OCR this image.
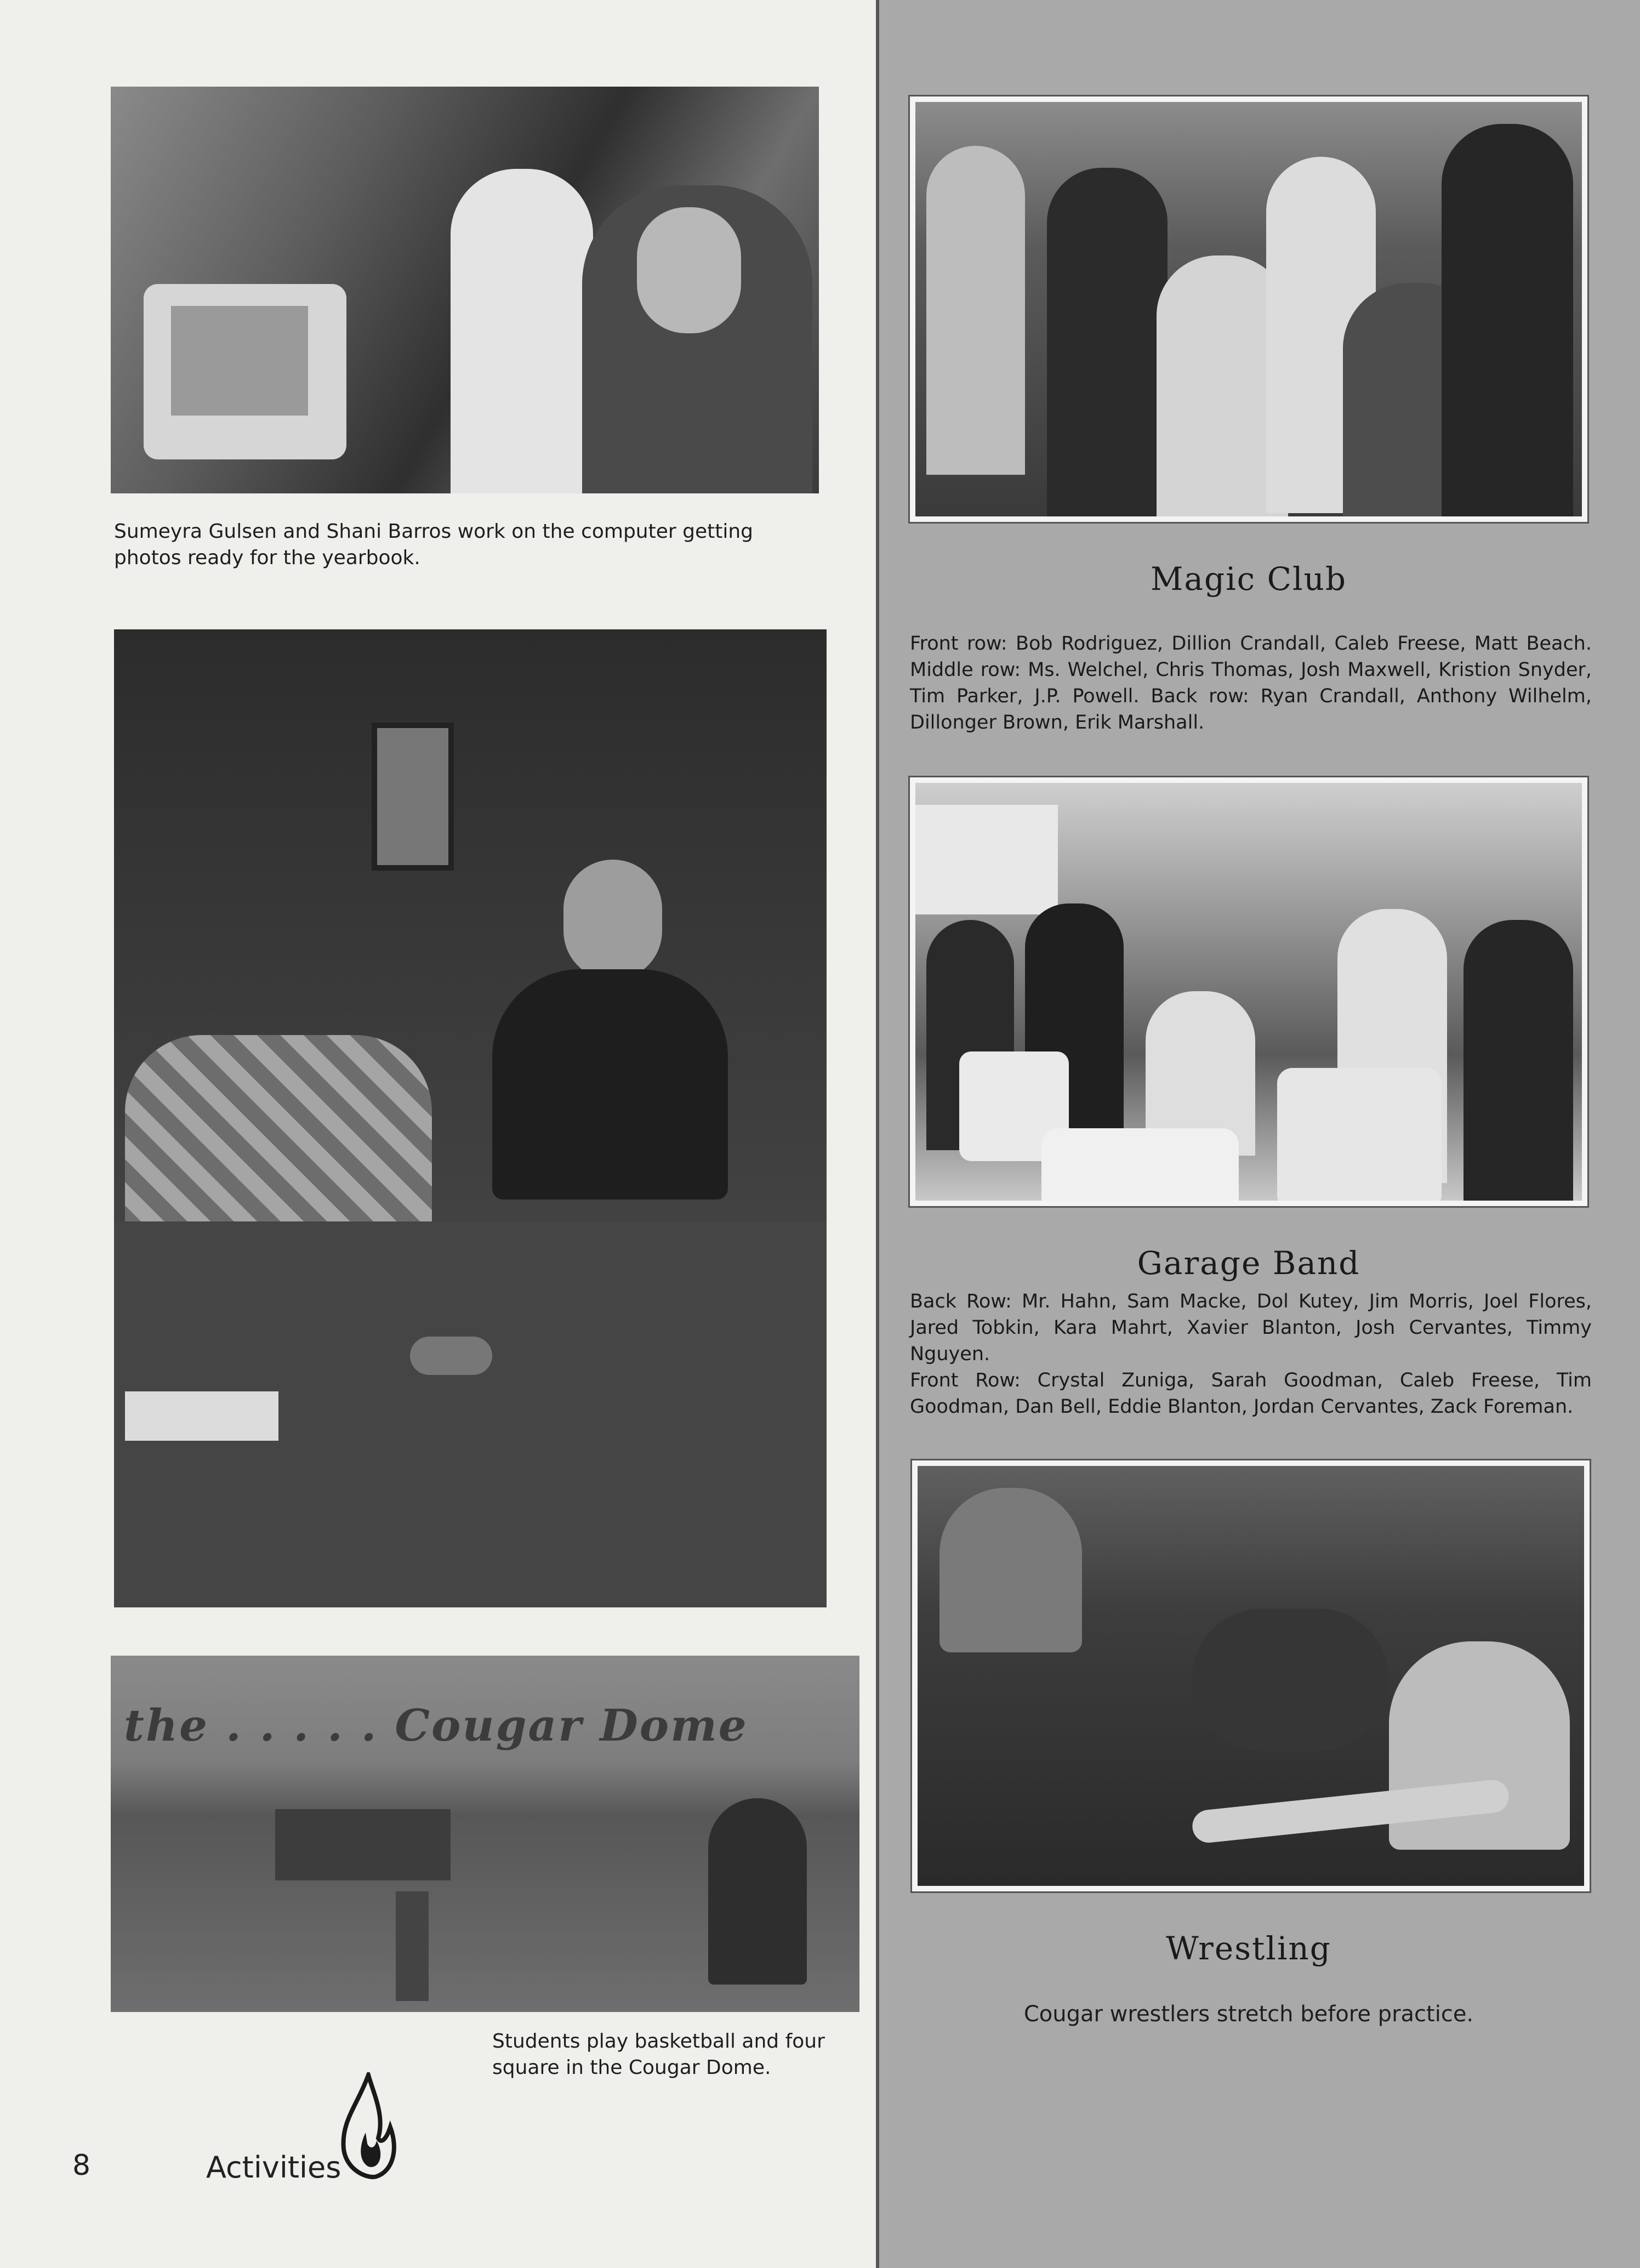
Sumeyra Gulsen and Shani Barros work on the computer getting photos ready for the yearbook.
the . . . . . Cougar Dome
Students play basketball and four square in the Cougar Dome.
8	Activities
Magic Club

Front row: Bob Rodriguez, Dillion Crandall, Caleb Freese, Matt Beach. Middle row: Ms. Welchel, Chris Thomas, Josh Maxwell, Kristion Snyder, Tim Parker, J.P. Powell. Back row: Ryan Crandall, Anthony Wilhelm, Dillonger Brown, Erik Marshall.

Garage Band

Back Row: Mr. Hahn, Sam Macke, Dol Kutey, Jim Morris, Joel Flores, Jared Tobkin, Kara Mahrt, Xavier Blanton, Josh Cervantes, Timmy Nguyen.

Front Row: Crystal Zuniga, Sarah Goodman, Caleb Freese, Tim Goodman, Dan Bell, Eddie Blanton, Jordan Cervantes, Zack Foreman.

Wrestling
Cougar wrestlers stretch before practice.
